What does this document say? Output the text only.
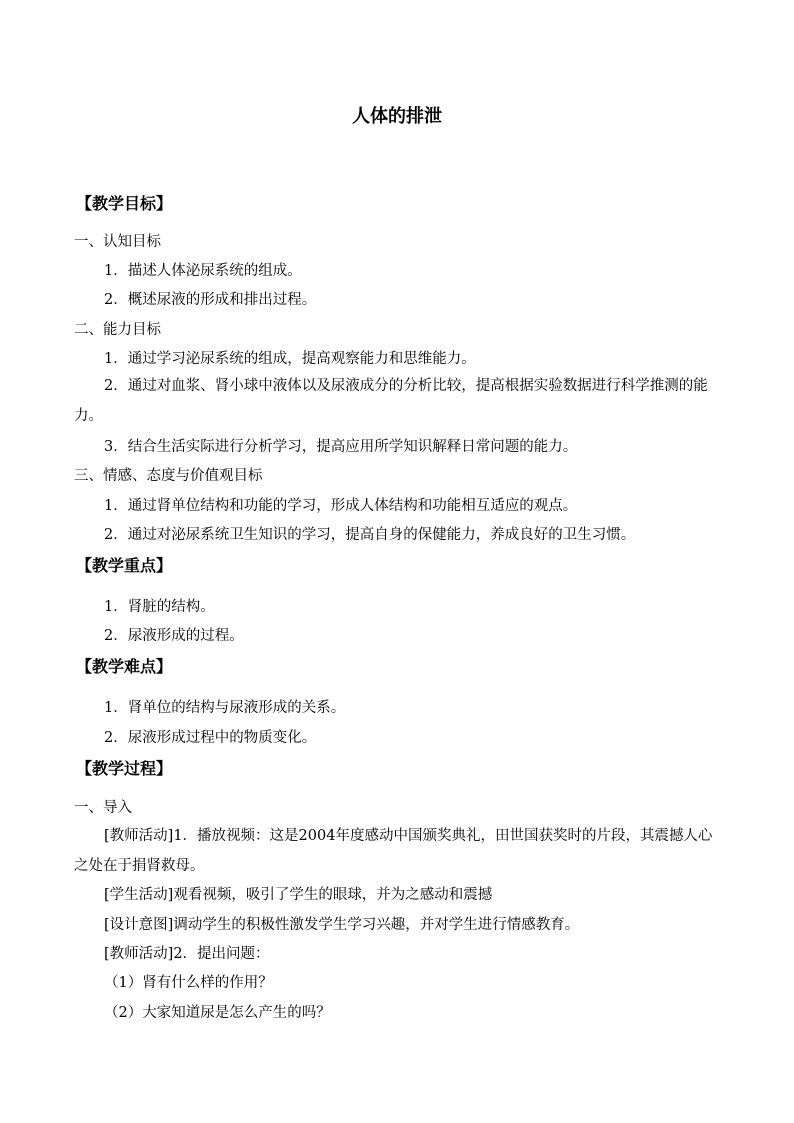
人体的排泄
【教学目标】
一、认知目标
1．描述人体泌尿系统的组成。
2．概述尿液的形成和排出过程。
二、能力目标
1．通过学习泌尿系统的组成，提高观察能力和思维能力。
2．通过对血浆、肾小球中液体以及尿液成分的分析比较，提高根据实验数据进行科学推测的能力。
3．结合生活实际进行分析学习，提高应用所学知识解释日常问题的能力。
三、情感、态度与价值观目标
1．通过肾单位结构和功能的学习，形成人体结构和功能相互适应的观点。
2．通过对泌尿系统卫生知识的学习，提高自身的保健能力，养成良好的卫生习惯。
【教学重点】
1．肾脏的结构。
2．尿液形成的过程。
【教学难点】
1．肾单位的结构与尿液形成的关系。
2．尿液形成过程中的物质变化。
【教学过程】
一、导入
[教师活动]1．播放视频：这是2004年度感动中国颁奖典礼，田世国获奖时的片段，其震撼人心之处在于捐肾救母。
[学生活动]观看视频，吸引了学生的眼球，并为之感动和震撼
[设计意图]调动学生的积极性激发学生学习兴趣，并对学生进行情感教育。
[教师活动]2．提出问题：
（1）肾有什么样的作用？
（2）大家知道尿是怎么产生的吗？
